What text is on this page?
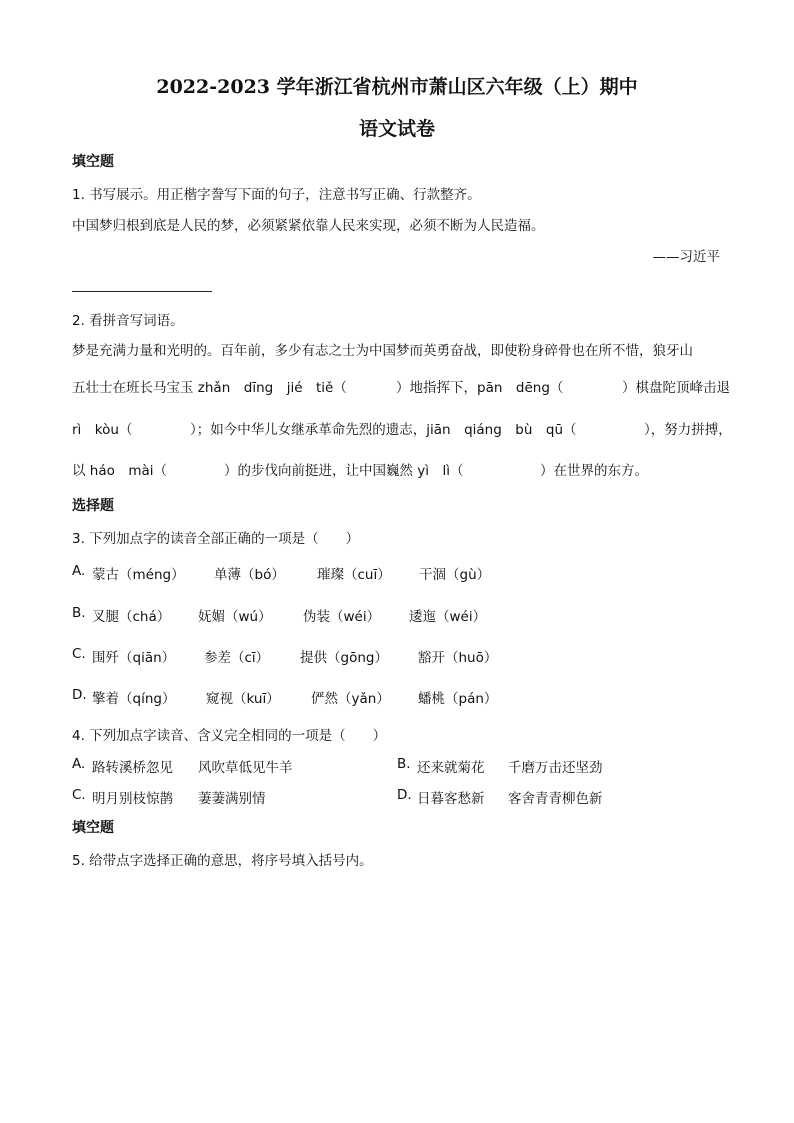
2022-2023 学年浙江省杭州市萧山区六年级（上）期中
语文试卷
填空题
1. 书写展示。用正楷字誊写下面的句子，注意书写正确、行款整齐。
中国梦归根到底是人民的梦，必须紧紧依靠人民来实现，必须不断为人民造福。
——习近平
2. 看拼音写词语。
梦是充满力量和光明的。百年前，多少有志之士为中国梦而英勇奋战，即使粉身碎骨也在所不惜，狼牙山
五壮士在班长马宝玉 zhǎn　dīng　jié　tiě（	）地指挥下，pān　dēng（	）棋盘陀顶峰击退
rì　kòu（	）；如今中华儿女继承革命先烈的遗志，jiān　qiáng　bù　qū（	），努力拼搏，
以 háo　mài（	）的步伐向前挺进，让中国巍然 yì　lì（	）在世界的东方。
选择题
3. 下列加点字的读音全部正确的一项是（　　）
A. 蒙古（méng） 单薄（bó） 璀璨（cuī） 干涸（gù）
B. 叉腿（chá） 妩媚（wú） 伪装（wéi） 逶迤（wéi）
C. 围歼（qiān） 参差（cī） 提供（gōng） 豁开（huō）
D. 擎着（qíng） 窥视（kuī） 俨然（yǎn） 蟠桃（pán）
4. 下列加点字读音、含义完全相同的一项是（　　）
A. 路转溪桥忽见 风吹草低见牛羊	B. 还来就菊花 千磨万击还坚劲
C. 明月别枝惊鹊 萋萋满别情	D. 日暮客愁新 客舍青青柳色新
填空题
5. 给带点字选择正确的意思，将序号填入括号内。
